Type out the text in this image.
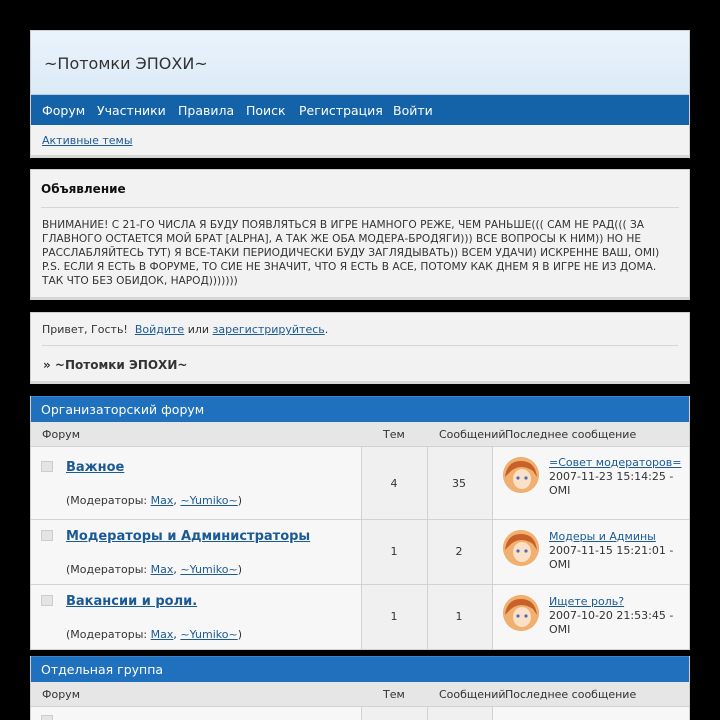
~Потомки ЭПОХИ~
Форум Участники Правила Поиск Регистрация Войти
Активные темы
Объявление
ВНИМАНИЕ! С 21-ГО ЧИСЛА Я БУДУ ПОЯВЛЯТЬСЯ В ИГРЕ НАМНОГО РЕЖЕ, ЧЕМ РАНЬШЕ((( САМ НЕ РАД((( ЗА ГЛАВНОГО ОСТАЕТСЯ МОЙ БРАТ [ALPHA], А ТАК ЖЕ ОБА МОДЕРА-БРОДЯГИ))) ВСЕ ВОПРОСЫ К НИМ)) НО НЕ РАССЛАБЛЯЙТЕСЬ ТУТ) Я ВСЕ-ТАКИ ПЕРИОДИЧЕСКИ БУДУ ЗАГЛЯДЫВАТЬ)) ВСЕМ УДАЧИ) ИСКРЕННЕ ВАШ, OMI) P.S. ЕСЛИ Я ЕСТЬ В ФОРУМЕ, ТО СИЕ НЕ ЗНАЧИТ, ЧТО Я ЕСТЬ В АСЕ, ПОТОМУ КАК ДНЕМ Я В ИГРЕ НЕ ИЗ ДОМА. ТАК ЧТО БЕЗ ОБИДОК, НАРОД)))))))
Привет, Гость! Войдите или зарегистрируйтесь.
» ~Потомки ЭПОХИ~
Организаторский форум
Форум	Тем	Сообщений Последнее сообщение
Важное
(Модераторы: Max, ~Yumiko~)
4	35
=Совет модераторов=
2007-11-23 15:14:25 - OMI
Модераторы и Администраторы
(Модераторы: Max, ~Yumiko~)
1	2
Модеры и Админы
2007-11-15 15:21:01 - OMI
Вакансии и роли.
(Модераторы: Max, ~Yumiko~)
1	1
Ищете роль?
2007-10-20 21:53:45 - OMI
Отдельная группа
Форум	Тем	Сообщений Последнее сообщение
